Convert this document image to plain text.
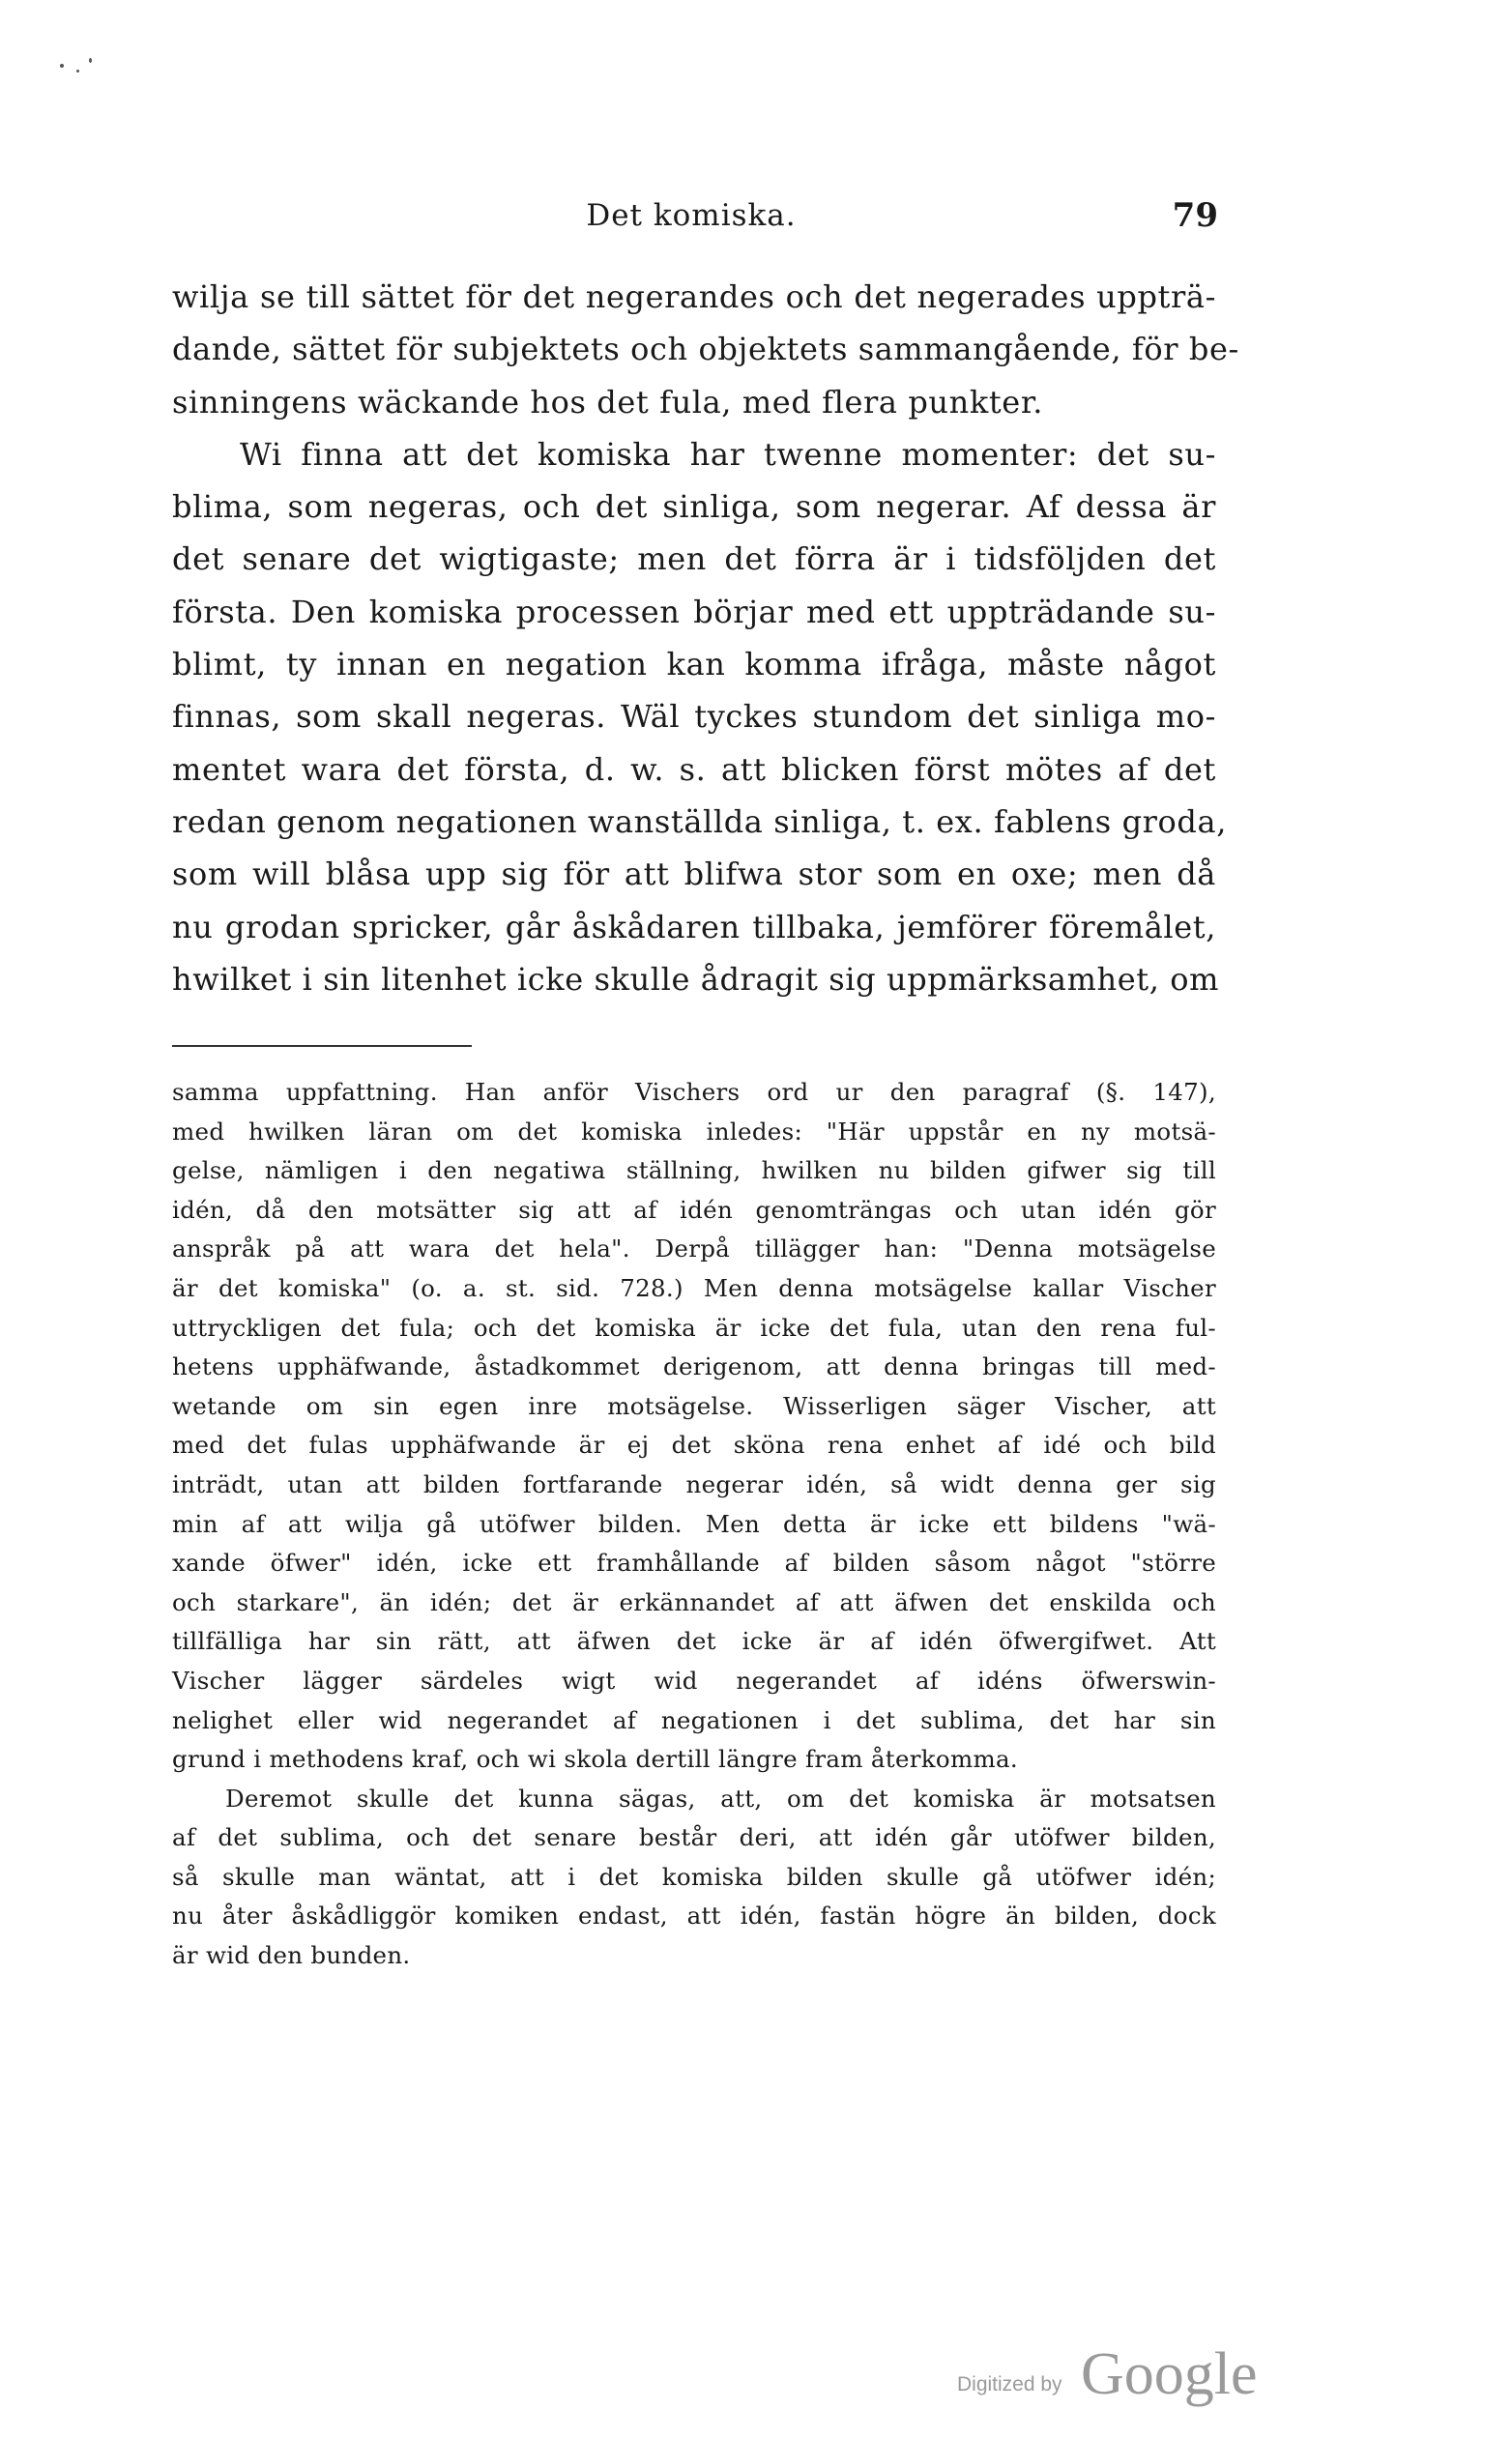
Det komiska.	79
wilja se till sättet för det negerandes och det negerades uppträ-
dande, sättet för subjektets och objektets sammangående, för be-
sinningens wäckande hos det fula, med flera punkter.
Wi finna att det komiska har twenne momenter: det su-
blima, som negeras, och det sinliga, som negerar. Af dessa är
det senare det wigtigaste; men det förra är i tidsföljden det
första. Den komiska processen börjar med ett uppträdande su-
blimt, ty innan en negation kan komma ifråga, måste något
finnas, som skall negeras. Wäl tyckes stundom det sinliga mo-
mentet wara det första, d. w. s. att blicken först mötes af det
redan genom negationen wanställda sinliga, t. ex. fablens groda,
som will blåsa upp sig för att blifwa stor som en oxe; men då
nu grodan spricker, går åskådaren tillbaka, jemförer föremålet,
hwilket i sin litenhet icke skulle ådragit sig uppmärksamhet, om
samma uppfattning. Han anför Vischers ord ur den paragraf (§. 147),
med hwilken läran om det komiska inledes: "Här uppstår en ny motsä-
gelse, nämligen i den negatiwa ställning, hwilken nu bilden gifwer sig till
idén, då den motsätter sig att af idén genomträngas och utan idén gör
anspråk på att wara det hela". Derpå tillägger han: "Denna motsägelse
är det komiska" (o. a. st. sid. 728.) Men denna motsägelse kallar Vischer
uttryckligen det fula; och det komiska är icke det fula, utan den rena ful-
hetens upphäfwande, åstadkommet derigenom, att denna bringas till med-
wetande om sin egen inre motsägelse. Wisserligen säger Vischer, att
med det fulas upphäfwande är ej det sköna rena enhet af idé och bild
inträdt, utan att bilden fortfarande negerar idén, så widt denna ger sig
min af att wilja gå utöfwer bilden. Men detta är icke ett bildens "wä-
xande öfwer" idén, icke ett framhållande af bilden såsom något "större
och starkare", än idén; det är erkännandet af att äfwen det enskilda och
tillfälliga har sin rätt, att äfwen det icke är af idén öfwergifwet. Att
Vischer lägger särdeles wigt wid negerandet af idéns öfwerswin-
nelighet eller wid negerandet af negationen i det sublima, det har sin
grund i methodens kraf, och wi skola dertill längre fram återkomma.
Deremot skulle det kunna sägas, att, om det komiska är motsatsen
af det sublima, och det senare består deri, att idén går utöfwer bilden,
så skulle man wäntat, att i det komiska bilden skulle gå utöfwer idén;
nu åter åskådliggör komiken endast, att idén, fastän högre än bilden, dock
är wid den bunden.
Digitized by Google
